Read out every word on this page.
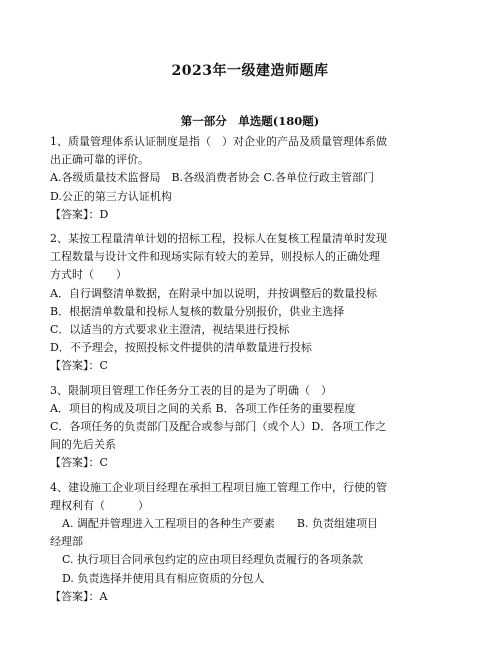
2023年一级建造师题库
第一部分　单选题(180题)
1、质量管理体系认证制度是指（　）对企业的产品及质量管理体系做
出正确可靠的评价。
A.各级质量技术监督局　B.各级消费者协会 C.各单位行政主管部门
D.公正的第三方认证机构
【答案】：D
2、某按工程量清单计划的招标工程，投标人在复核工程量清单时发现
工程数量与设计文件和现场实际有较大的差异，则投标人的正确处理
方式时（　　）
A．自行调整清单数据，在附录中加以说明，并按调整后的数量投标
B．根据清单数量和投标人复核的数量分别报价，供业主选择
C．以适当的方式要求业主澄清，视结果进行投标
D．不予理会，按照投标文件提供的清单数量进行投标
【答案】：C
3、限制项目管理工作任务分工表的目的是为了明确（　）
A．项目的构成及项目之间的关系 B．各项工作任务的重要程度
C．各项任务的负责部门及配合或参与部门（或个人）D．各项工作之
间的先后关系
【答案】：C
4、建设施工企业项目经理在承担工程项目施工管理工作中，行使的管
理权利有（　　　）
A. 调配并管理进入工程项目的各种生产要素　　B. 负责组建项目
经理部
C. 执行项目合同承包约定的应由项目经理负责履行的各项条款
D. 负责选择并使用具有相应资质的分包人
【答案】：A
